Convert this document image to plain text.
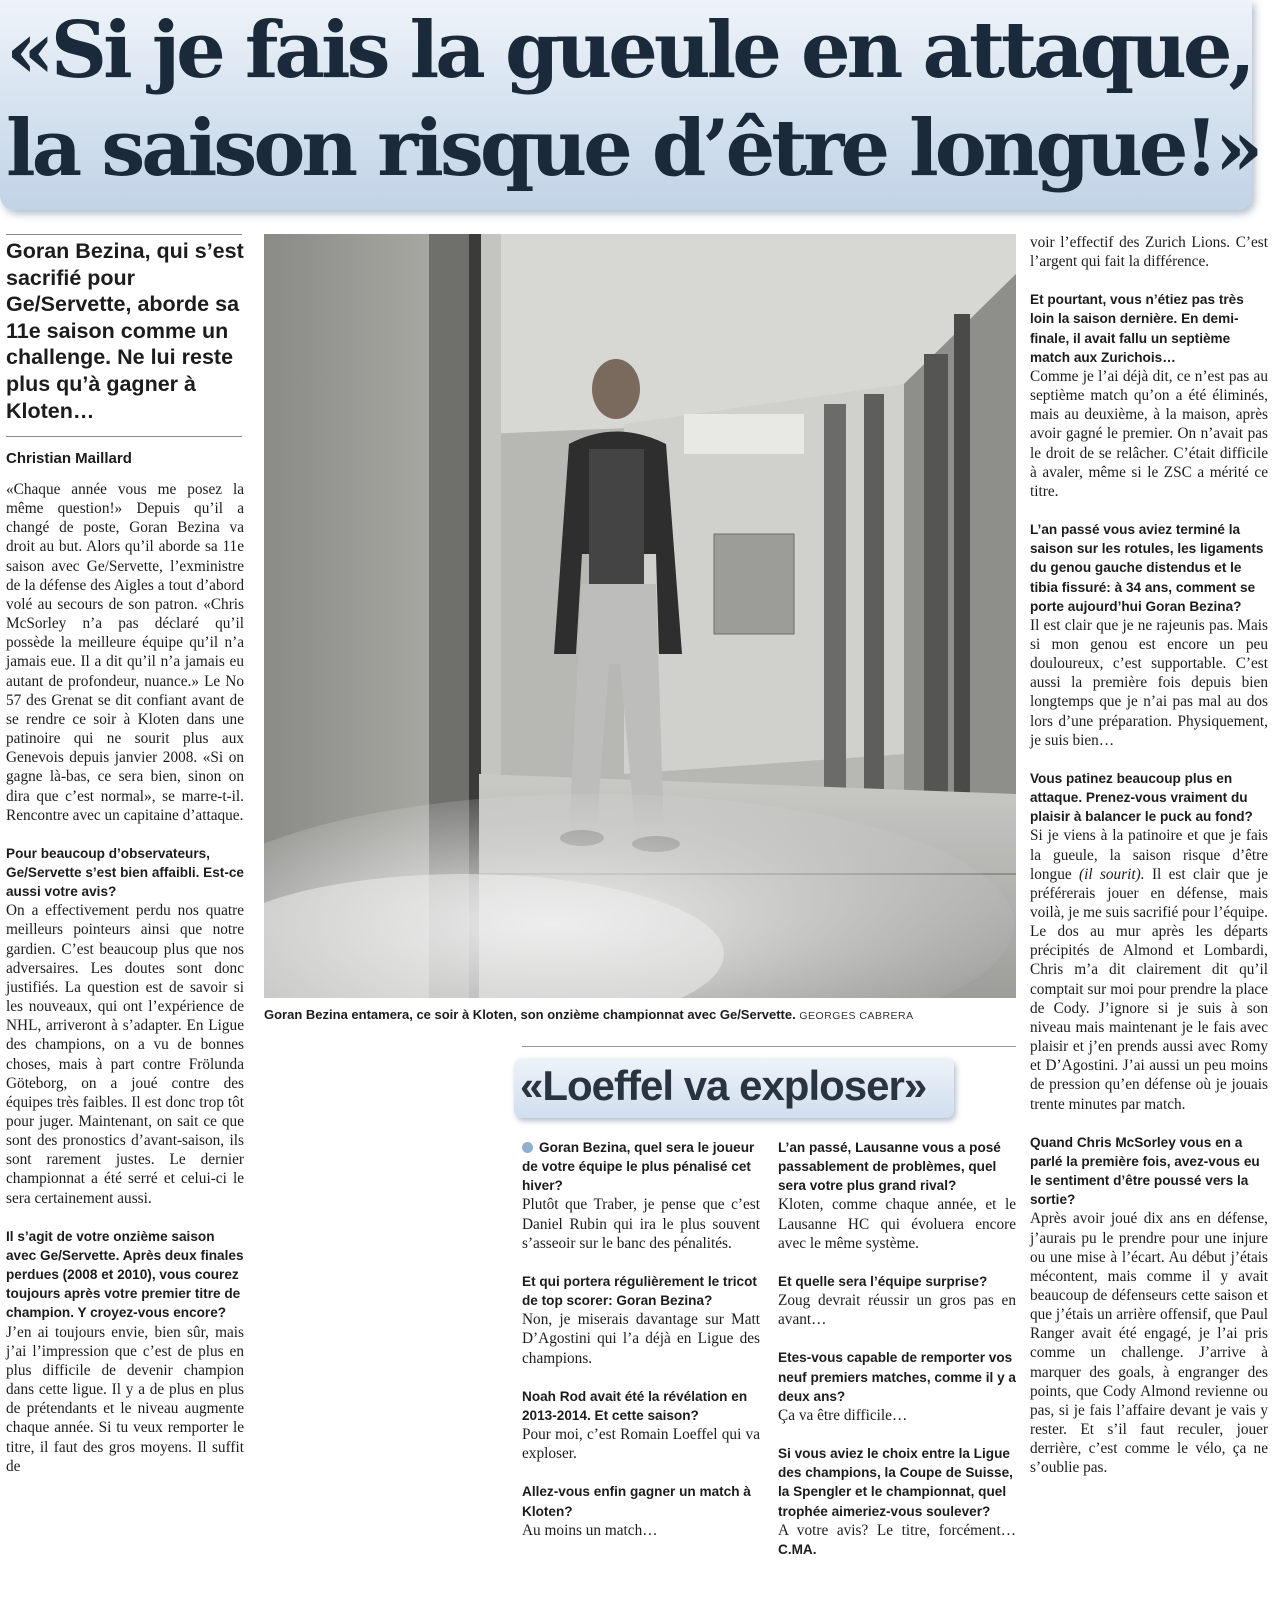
«Si je fais la gueule en attaque,
la saison risque d’être longue!»

Goran Bezina, qui s’est sacrifié pour Ge/Servette, aborde sa 11e saison comme un challenge. Ne lui reste plus qu’à gagner à Kloten…

Christian Maillard

«Chaque année vous me posez la même question!» Depuis qu’il a changé de poste, Goran Bezina va droit au but. Alors qu’il aborde sa 11e saison avec Ge/Servette, l’exministre de la défense des Aigles a tout d’abord volé au secours de son patron. «Chris McSorley n’a pas déclaré qu’il possède la meilleure équipe qu’il n’a jamais eue. Il a dit qu’il n’a jamais eu autant de profondeur, nuance.» Le No 57 des Grenat se dit confiant avant de se rendre ce soir à Kloten dans une patinoire qui ne sourit plus aux Genevois depuis janvier 2008. «Si on gagne là-bas, ce sera bien, sinon on dira que c’est normal», se marre-t-il. Rencontre avec un capitaine d’attaque.

Pour beaucoup d’observateurs, Ge/Servette s’est bien affaibli. Est-ce aussi votre avis?
On a effectivement perdu nos quatre meilleurs pointeurs ainsi que notre gardien. C’est beaucoup plus que nos adversaires. Les doutes sont donc justifiés. La question est de savoir si les nouveaux, qui ont l’expérience de NHL, arriveront à s’adapter. En Ligue des champions, on a vu de bonnes choses, mais à part contre Frölunda Göteborg, on a joué contre des équipes très faibles. Il est donc trop tôt pour juger. Maintenant, on sait ce que sont des pronostics d’avant-saison, ils sont rarement justes. Le dernier championnat a été serré et celui-ci le sera certainement aussi.

Il s’agit de votre onzième saison avec Ge/Servette. Après deux finales perdues (2008 et 2010), vous courez toujours après votre premier titre de champion. Y croyez-vous encore?
J’en ai toujours envie, bien sûr, mais j’ai l’impression que c’est de plus en plus difficile de devenir champion dans cette ligue. Il y a de plus en plus de prétendants et le niveau augmente chaque année. Si tu veux remporter le titre, il faut des gros moyens. Il suffit de

Goran Bezina entamera, ce soir à Kloten, son onzième championnat avec Ge/Servette. GEORGES CABRERA

voir l’effectif des Zurich Lions. C’est l’argent qui fait la différence.

Et pourtant, vous n’étiez pas très loin la saison dernière. En demi-finale, il avait fallu un septième match aux Zurichois…
Comme je l’ai déjà dit, ce n’est pas au septième match qu’on a été éliminés, mais au deuxième, à la maison, après avoir gagné le premier. On n’avait pas le droit de se relâcher. C’était difficile à avaler, même si le ZSC a mérité ce titre.

L’an passé vous aviez terminé la saison sur les rotules, les ligaments du genou gauche distendus et le tibia fissuré: à 34 ans, comment se porte aujourd’hui Goran Bezina?
Il est clair que je ne rajeunis pas. Mais si mon genou est encore un peu douloureux, c’est supportable. C’est aussi la première fois depuis bien longtemps que je n’ai pas mal au dos lors d’une préparation. Physiquement, je suis bien…

Vous patinez beaucoup plus en attaque. Prenez-vous vraiment du plaisir à balancer le puck au fond?
Si je viens à la patinoire et que je fais la gueule, la saison risque d’être longue (il sourit). Il est clair que je préférerais jouer en défense, mais voilà, je me suis sacrifié pour l’équipe. Le dos au mur après les départs précipités de Almond et Lombardi, Chris m’a dit clairement dit qu’il comptait sur moi pour prendre la place de Cody. J’ignore si je suis à son niveau mais maintenant je le fais avec plaisir et j’en prends aussi avec Romy et D’Agostini. J’ai aussi un peu moins de pression qu’en défense où je jouais trente minutes par match.

Quand Chris McSorley vous en a parlé la première fois, avez-vous eu le sentiment d’être poussé vers la sortie?
Après avoir joué dix ans en défense, j’aurais pu le prendre pour une injure ou une mise à l’écart. Au début j’étais mécontent, mais comme il y avait beaucoup de défenseurs cette saison et que j’étais un arrière offensif, que Paul Ranger avait été engagé, je l’ai pris comme un challenge. J’arrive à marquer des goals, à engranger des points, que Cody Almond revienne ou pas, si je fais l’affaire devant je vais y rester. Et s’il faut reculer, jouer derrière, c’est comme le vélo, ça ne s’oublie pas.

«Loeffel va exploser»

Goran Bezina, quel sera le joueur de votre équipe le plus pénalisé cet hiver?
Plutôt que Traber, je pense que c’est Daniel Rubin qui ira le plus souvent s’asseoir sur le banc des pénalités.

Et qui portera régulièrement le tricot de top scorer: Goran Bezina?
Non, je miserais davantage sur Matt D’Agostini qui l’a déjà en Ligue des champions.

Noah Rod avait été la révélation en 2013-2014. Et cette saison?
Pour moi, c’est Romain Loeffel qui va exploser.

Allez-vous enfin gagner un match à Kloten?
Au moins un match…

L’an passé, Lausanne vous a posé passablement de problèmes, quel sera votre plus grand rival?
Kloten, comme chaque année, et le Lausanne HC qui évoluera encore avec le même système.

Et quelle sera l’équipe surprise?
Zoug devrait réussir un gros pas en avant…

Etes-vous capable de remporter vos neuf premiers matches, comme il y a deux ans?
Ça va être difficile…

Si vous aviez le choix entre la Ligue des champions, la Coupe de Suisse, la Spengler et le championnat, quel trophée aimeriez-vous soulever?
A votre avis? Le titre, forcément… C.MA.
